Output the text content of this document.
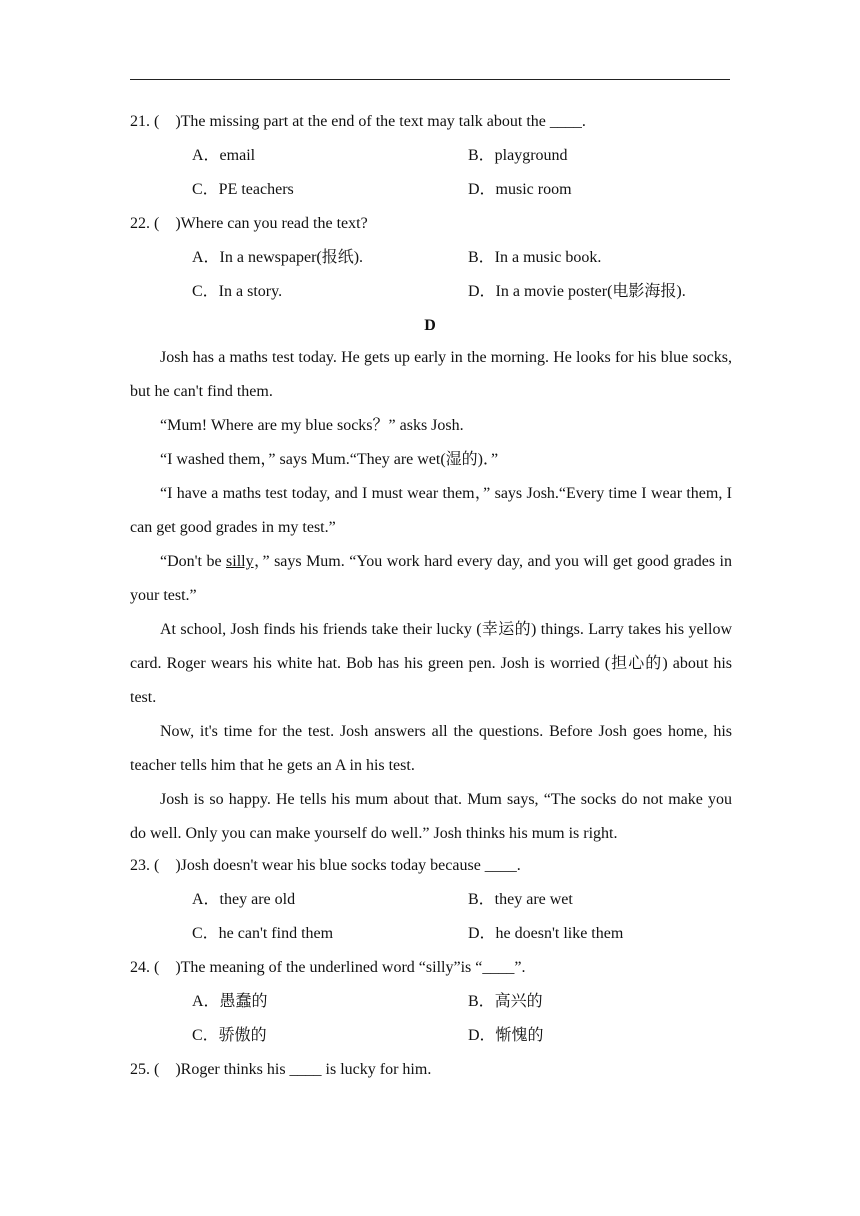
21. (    )The missing part at the end of the text may talk about the ____.
A．email	B．playground
C．PE teachers	D．music room
22. (    )Where can you read the text?
A．In a newspaper(报纸).	B．In a music book.
C．In a story.	D．In a movie poster(电影海报).
D
Josh has a maths test today. He gets up early in the morning. He looks for his blue socks, but he can't find them.
“Mum! Where are my blue socks？” asks Josh.
“I washed them，” says Mum.“They are wet(湿的)．”
“I have a maths test today, and I must wear them，” says Josh.“Every time I wear them, I can get good grades in my test.”
“Don't be silly，” says Mum. “You work hard every day, and you will get good grades in your test.”
At school, Josh finds his friends take their lucky (幸运的) things. Larry takes his yellow card. Roger wears his white hat. Bob has his green pen. Josh is worried (担心的) about his test.
Now, it's time for the test. Josh answers all the questions. Before Josh goes home, his teacher tells him that he gets an A in his test.
Josh is so happy. He tells his mum about that. Mum says, “The socks do not make you do well. Only you can make yourself do well.” Josh thinks his mum is right.
23. (    )Josh doesn't wear his blue socks today because ____.
A．they are old	B．they are wet
C．he can't find them	D．he doesn't like them
24. (    )The meaning of the underlined word “silly”is “____”.
A．愚蠢的	B．高兴的
C．骄傲的	D．惭愧的
25. (    )Roger thinks his ____ is lucky for him.
